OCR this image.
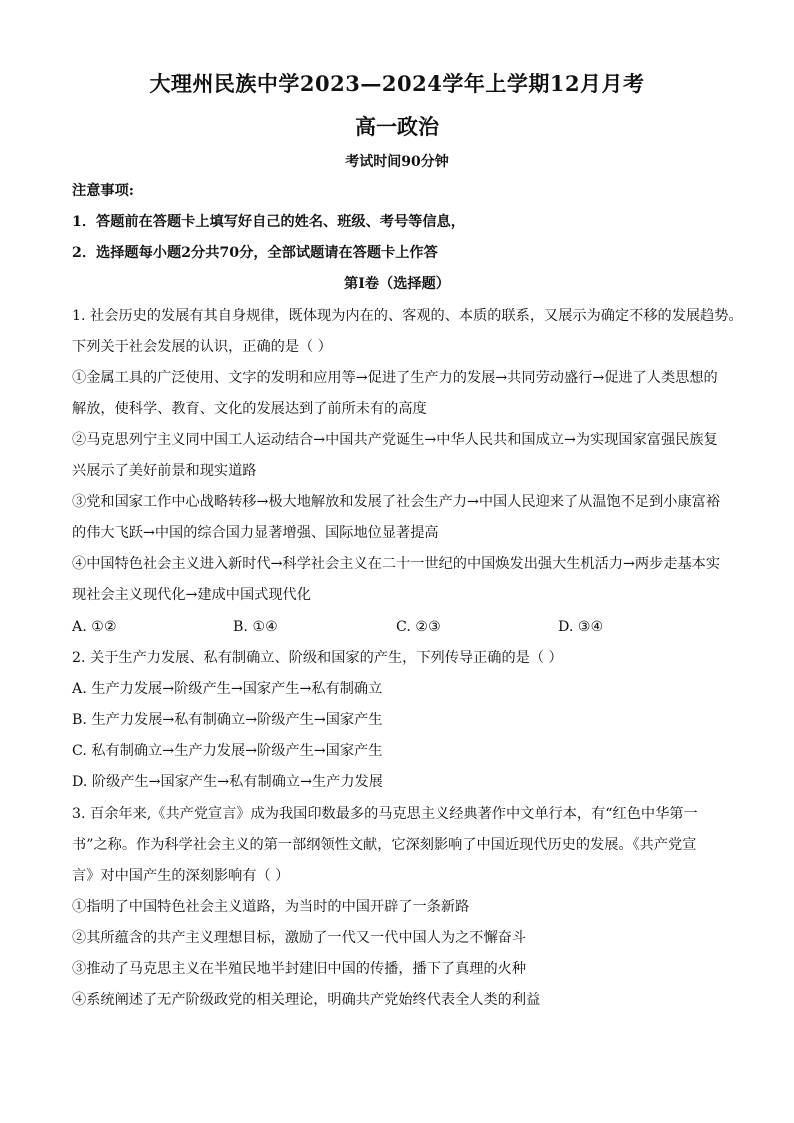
大理州民族中学2023—2024学年上学期12月月考
高一政治
考试时间90分钟
注意事项:
1．答题前在答题卡上填写好自己的姓名、班级、考号等信息，
2．选择题每小题2分共70分，全部试题请在答题卡上作答
第I卷（选择题）
1. 社会历史的发展有其自身规律，既体现为内在的、客观的、本质的联系，又展示为确定不移的发展趋势。
下列关于社会发展的认识，正确的是（ ）
①金属工具的广泛使用、文字的发明和应用等→促进了生产力的发展→共同劳动盛行→促进了人类思想的
解放，使科学、教育、文化的发展达到了前所未有的高度
②马克思列宁主义同中国工人运动结合→中国共产党诞生→中华人民共和国成立→为实现国家富强民族复
兴展示了美好前景和现实道路
③党和国家工作中心战略转移→极大地解放和发展了社会生产力→中国人民迎来了从温饱不足到小康富裕
的伟大飞跃→中国的综合国力显著增强、国际地位显著提高
④中国特色社会主义进入新时代→科学社会主义在二十一世纪的中国焕发出强大生机活力→两步走基本实
现社会主义现代化→建成中国式现代化
A. ①②	B. ①④	C. ②③	D. ③④
2. 关于生产力发展、私有制确立、阶级和国家的产生，下列传导正确的是（ ）
A. 生产力发展→阶级产生→国家产生→私有制确立
B. 生产力发展→私有制确立→阶级产生→国家产生
C. 私有制确立→生产力发展→阶级产生→国家产生
D. 阶级产生→国家产生→私有制确立→生产力发展
3. 百余年来,《共产党宣言》成为我国印数最多的马克思主义经典著作中文单行本，有“红色中华第一
书”之称。作为科学社会主义的第一部纲领性文献，它深刻影响了中国近现代历史的发展。《共产党宣
言》对中国产生的深刻影响有（ ）
①指明了中国特色社会主义道路，为当时的中国开辟了一条新路
②其所蕴含的共产主义理想目标，激励了一代又一代中国人为之不懈奋斗
③推动了马克思主义在半殖民地半封建旧中国的传播，播下了真理的火种
④系统阐述了无产阶级政党的相关理论，明确共产党始终代表全人类的利益
